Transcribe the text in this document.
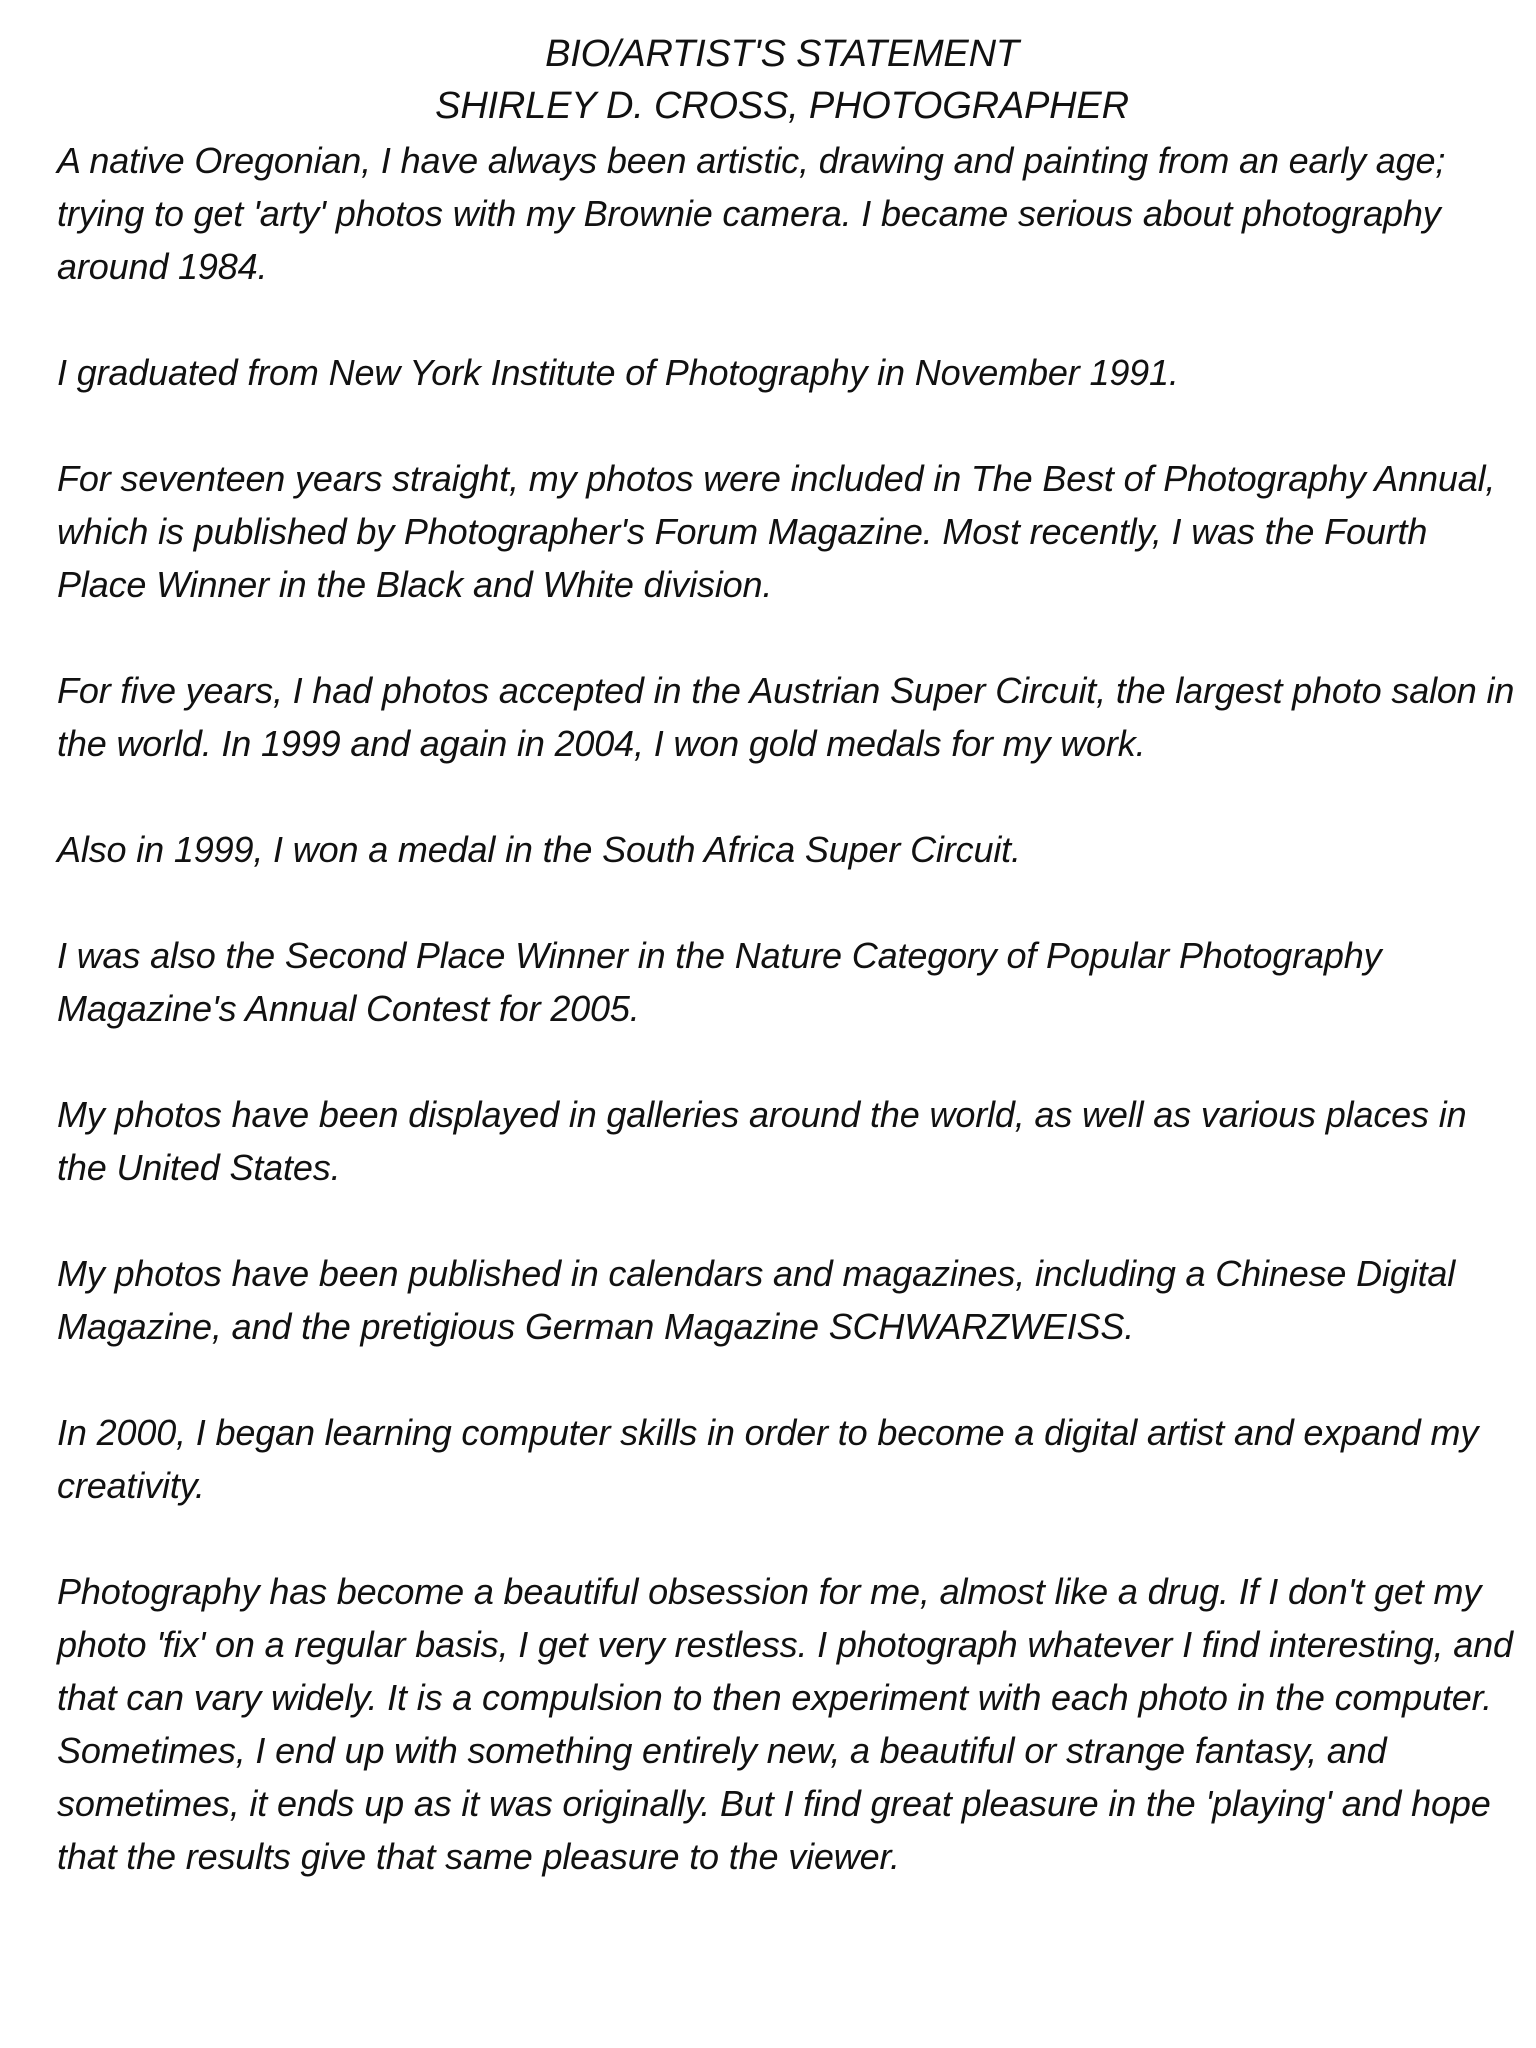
BIO/ARTIST'S STATEMENT
SHIRLEY D. CROSS, PHOTOGRAPHER

A native Oregonian, I have always been artistic, drawing and painting from an early age; trying to get 'arty' photos with my Brownie camera. I became serious about photography around 1984.

I graduated from New York Institute of Photography in November 1991.

For seventeen years straight, my photos were included in The Best of Photography Annual, which is published by Photographer's Forum Magazine. Most recently, I was the Fourth Place Winner in the Black and White division.

For five years, I had photos accepted in the Austrian Super Circuit, the largest photo salon in the world. In 1999 and again in 2004, I won gold medals for my work.

Also in 1999, I won a medal in the South Africa Super Circuit.

I was also the Second Place Winner in the Nature Category of Popular Photography Magazine's Annual Contest for 2005.

My photos have been displayed in galleries around the world, as well as various places in the United States.

My photos have been published in calendars and magazines, including a Chinese Digital Magazine, and the pretigious German Magazine SCHWARZWEISS.

In 2000, I began learning computer skills in order to become a digital artist and expand my creativity.

Photography has become a beautiful obsession for me, almost like a drug. If I don't get my photo 'fix' on a regular basis, I get very restless. I photograph whatever I find interesting, and that can vary widely. It is a compulsion to then experiment with each photo in the computer. Sometimes, I end up with something entirely new, a beautiful or strange fantasy, and sometimes, it ends up as it was originally. But I find great pleasure in the 'playing' and hope that the results give that same pleasure to the viewer.
